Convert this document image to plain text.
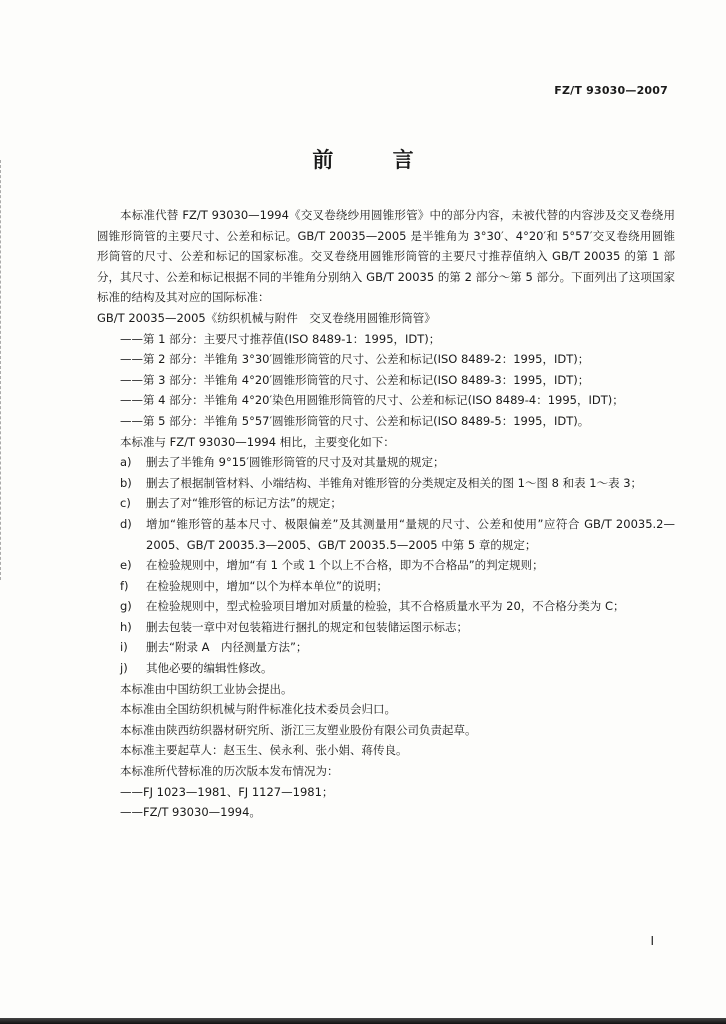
FZ/T 93030—2007
前 言

本标准代替 FZ/T 93030—1994《交叉卷绕纱用圆锥形管》中的部分内容，未被代替的内容涉及交叉卷绕用圆锥形筒管的主要尺寸、公差和标记。GB/T 20035—2005 是半锥角为 3°30′、4°20′和 5°57′交叉卷绕用圆锥形筒管的尺寸、公差和标记的国家标准。交叉卷绕用圆锥形筒管的主要尺寸推荐值纳入 GB/T 20035 的第 1 部分，其尺寸、公差和标记根据不同的半锥角分别纳入 GB/T 20035 的第 2 部分～第 5 部分。下面列出了这项国家标准的结构及其对应的国际标准：

GB/T 20035—2005《纺织机械与附件　交叉卷绕用圆锥形筒管》

——第 1 部分：主要尺寸推荐值(ISO 8489-1：1995，IDT)；

——第 2 部分：半锥角 3°30′圆锥形筒管的尺寸、公差和标记(ISO 8489-2：1995，IDT)；

——第 3 部分：半锥角 4°20′圆锥形筒管的尺寸、公差和标记(ISO 8489-3：1995，IDT)；

——第 4 部分：半锥角 4°20′染色用圆锥形筒管的尺寸、公差和标记(ISO 8489-4：1995，IDT)；

——第 5 部分：半锥角 5°57′圆锥形筒管的尺寸、公差和标记(ISO 8489-5：1995，IDT)。

本标准与 FZ/T 93030—1994 相比，主要变化如下：

a)	删去了半锥角 9°15′圆锥形筒管的尺寸及对其量规的规定；
b)	删去了根据制管材料、小端结构、半锥角对锥形管的分类规定及相关的图 1～图 8 和表 1～表 3；
c)	删去了对“锥形管的标记方法”的规定；
d)	增加“锥形管的基本尺寸、极限偏差”及其测量用“量规的尺寸、公差和使用”应符合 GB/T 20035.2—2005、GB/T 20035.3—2005、GB/T 20035.5—2005 中第 5 章的规定；
e)	在检验规则中，增加“有 1 个或 1 个以上不合格，即为不合格品”的判定规则；
f)	在检验规则中，增加“以个为样本单位”的说明；
g)	在检验规则中，型式检验项目增加对质量的检验，其不合格质量水平为 20，不合格分类为 C；
h)	删去包装一章中对包装箱进行捆扎的规定和包装储运图示标志；
i)	删去“附录 A　内径测量方法”；
j)	其他必要的编辑性修改。

本标准由中国纺织工业协会提出。

本标准由全国纺织机械与附件标准化技术委员会归口。

本标准由陕西纺织器材研究所、浙江三友塑业股份有限公司负责起草。

本标准主要起草人：赵玉生、侯永利、张小娟、蒋传良。

本标准所代替标准的历次版本发布情况为：

——FJ 1023—1981、FJ 1127—1981；

——FZ/T 93030—1994。

I
